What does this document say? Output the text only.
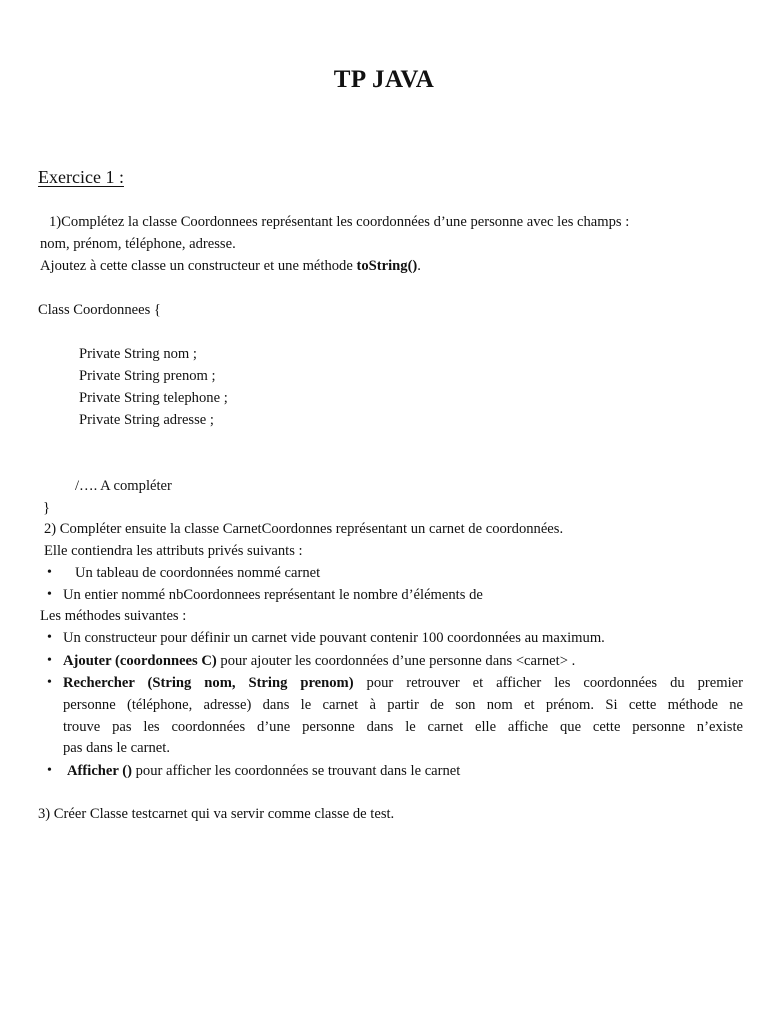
TP JAVA
Exercice 1 :
1)Complétez la classe Coordonnees représentant les coordonnées d’une personne avec les champs :
nom, prénom, téléphone, adresse.
Ajoutez à cette classe un constructeur et une méthode toString().
Class Coordonnees {
Private String nom ;
Private String prenom ;
Private String telephone ;
Private String adresse ;
/…. A compléter
}
2) Compléter ensuite la classe CarnetCoordonnes représentant un carnet de coordonnées.
Elle contiendra les attributs privés suivants :
• Un tableau de coordonnées nommé carnet
• Un entier nommé nbCoordonnees représentant le nombre d’éléments de
Les méthodes suivantes :
• Un constructeur pour définir un carnet vide pouvant contenir 100 coordonnées au maximum.
• Ajouter (coordonnees C) pour ajouter les coordonnées d’une personne dans <carnet> .
• Rechercher (String nom, String prenom) pour retrouver et afficher les coordonnées du premier
personne (téléphone, adresse) dans le carnet à partir de son nom et prénom. Si cette méthode ne
trouve pas les coordonnées d’une personne dans le carnet elle affiche que cette personne n’existe
pas dans le carnet.
• Afficher () pour afficher les coordonnées se trouvant dans le carnet
3) Créer Classe testcarnet qui va servir comme classe de test.
